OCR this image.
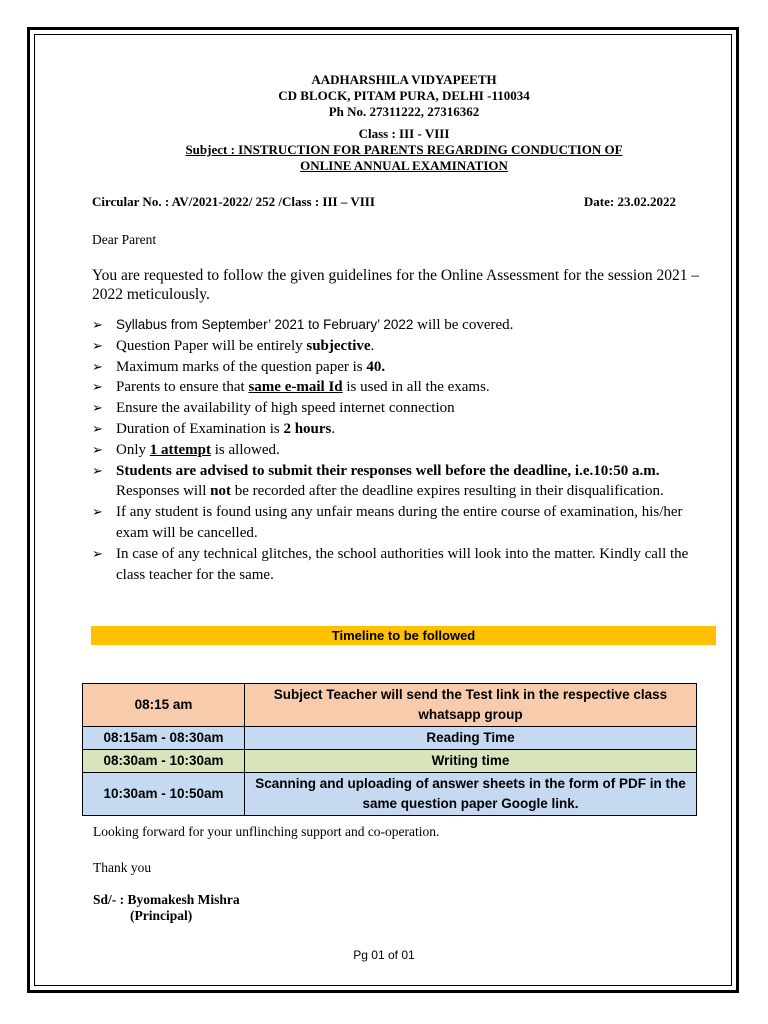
AADHARSHILA VIDYAPEETH
CD BLOCK, PITAM PURA, DELHI -110034
Ph No. 27311222, 27316362
Class : III - VIII
Subject : INSTRUCTION FOR PARENTS REGARDING CONDUCTION OF
ONLINE ANNUAL EXAMINATION
Circular No. : AV/2021-2022/ 252 /Class : III – VIII	Date: 23.02.2022
Dear Parent
You are requested to follow the given guidelines for the Online Assessment for the session 2021 – 2022 meticulously.
➢ Syllabus from September’ 2021 to February’ 2022 will be covered.
➢ Question Paper will be entirely subjective.
➢ Maximum marks of the question paper is 40.
➢ Parents to ensure that same e-mail Id is used in all the exams.
➢ Ensure the availability of high speed internet connection
➢ Duration of Examination is 2 hours.
➢ Only 1 attempt is allowed.
➢ Students are advised to submit their responses well before the deadline, i.e.10:50 a.m. Responses will not be recorded after the deadline expires resulting in their disqualification.
➢ If any student is found using any unfair means during the entire course of examination, his/her exam will be cancelled.
➢ In case of any technical glitches, the school authorities will look into the matter. Kindly call the class teacher for the same.
Timeline to be followed
08:15 am	Subject Teacher will send the Test link in the respective class whatsapp group
08:15am - 08:30am	Reading Time
08:30am - 10:30am	Writing time
10:30am - 10:50am	Scanning and uploading of answer sheets in the form of PDF in the same question paper Google link.
Looking forward for your unflinching support and co-operation.
Thank you
Sd/- : Byomakesh Mishra
(Principal)
Pg 01 of 01
